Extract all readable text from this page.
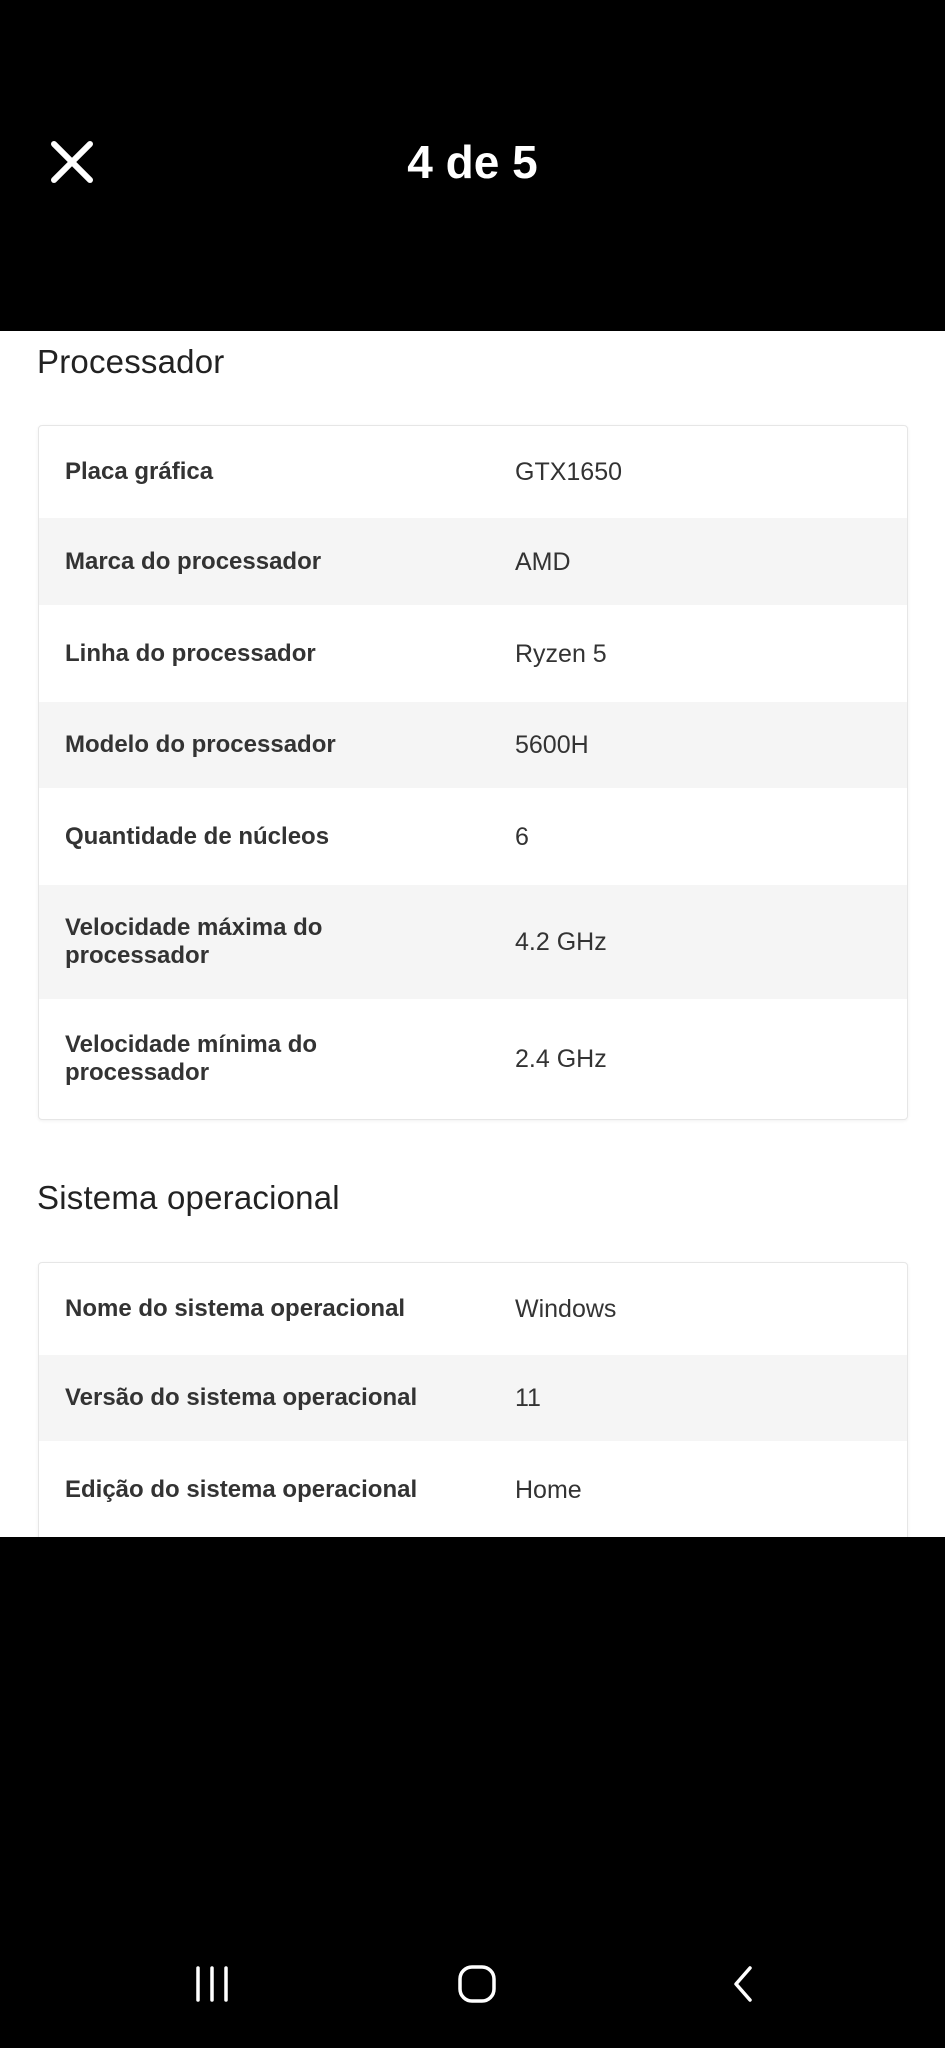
4 de 5
Processador
Placa gráfica	GTX1650
Marca do processador	AMD
Linha do processador	Ryzen 5
Modelo do processador	5600H
Quantidade de núcleos	6
Velocidade máxima do processador	4.2 GHz
Velocidade mínima do processador	2.4 GHz
Sistema operacional
Nome do sistema operacional	Windows
Versão do sistema operacional	11
Edição do sistema operacional	Home
